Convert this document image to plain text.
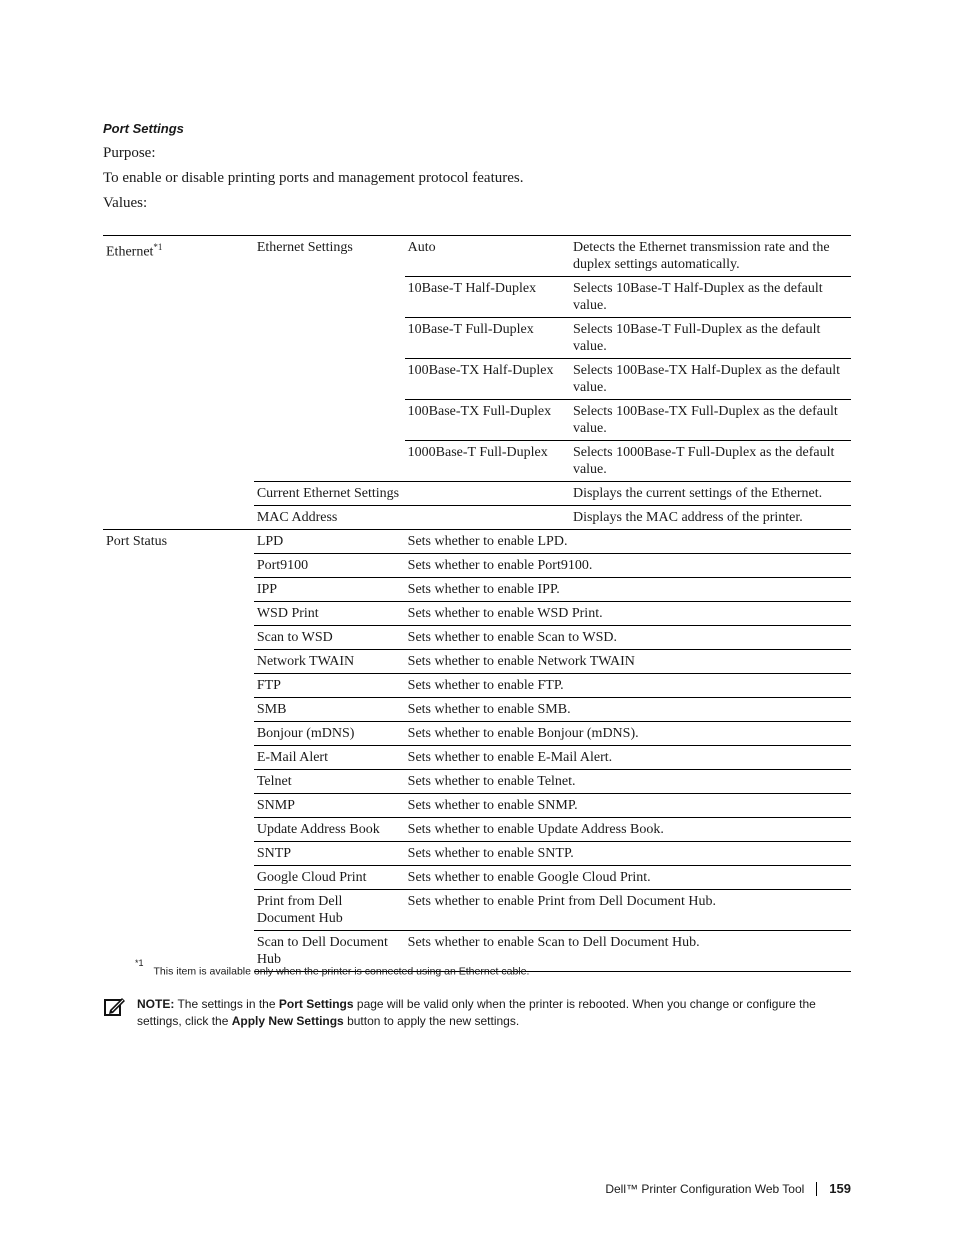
Port Settings
Purpose:
To enable or disable printing ports and management protocol features.
Values:
Ethernet$^{*1}$	Ethernet Settings	Auto	Detects the Ethernet transmission rate and the duplex settings automatically.
		10Base-T Half-Duplex	Selects 10Base-T Half-Duplex as the default value.
		10Base-T Full-Duplex	Selects 10Base-T Full-Duplex as the default value.
		100Base-TX Half-Duplex	Selects 100Base-TX Half-Duplex as the default value.
		100Base-TX Full-Duplex	Selects 100Base-TX Full-Duplex as the default value.
		1000Base-T Full-Duplex	Selects 1000Base-T Full-Duplex as the default value.
	Current Ethernet Settings		Displays the current settings of the Ethernet.
	MAC Address		Displays the MAC address of the printer.
Port Status	LPD	Sets whether to enable LPD.	
	Port9100	Sets whether to enable Port9100.	
	IPP	Sets whether to enable IPP.	
	WSD Print	Sets whether to enable WSD Print.	
	Scan to WSD	Sets whether to enable Scan to WSD.	
	Network TWAIN	Sets whether to enable Network TWAIN	
	FTP	Sets whether to enable FTP.	
	SMB	Sets whether to enable SMB.	
	Bonjour (mDNS)	Sets whether to enable Bonjour (mDNS).	
	E-Mail Alert	Sets whether to enable E-Mail Alert.	
	Telnet	Sets whether to enable Telnet.	
	SNMP	Sets whether to enable SNMP.	
	Update Address Book	Sets whether to enable Update Address Book.	
	SNTP	Sets whether to enable SNTP.	
	Google Cloud Print	Sets whether to enable Google Cloud Print.	
	Print from Dell Document Hub	Sets whether to enable Print from Dell Document Hub.	
	Scan to Dell Document Hub	Sets whether to enable Scan to Dell Document Hub.	
$^{*1}$This item is available only when the printer is connected using an Ethernet cable.
NOTE: The settings in the Port Settings page will be valid only when the printer is rebooted. When you change or configure the settings, click the Apply New Settings button to apply the new settings.
Dell™ Printer Configuration Web Tool 159
